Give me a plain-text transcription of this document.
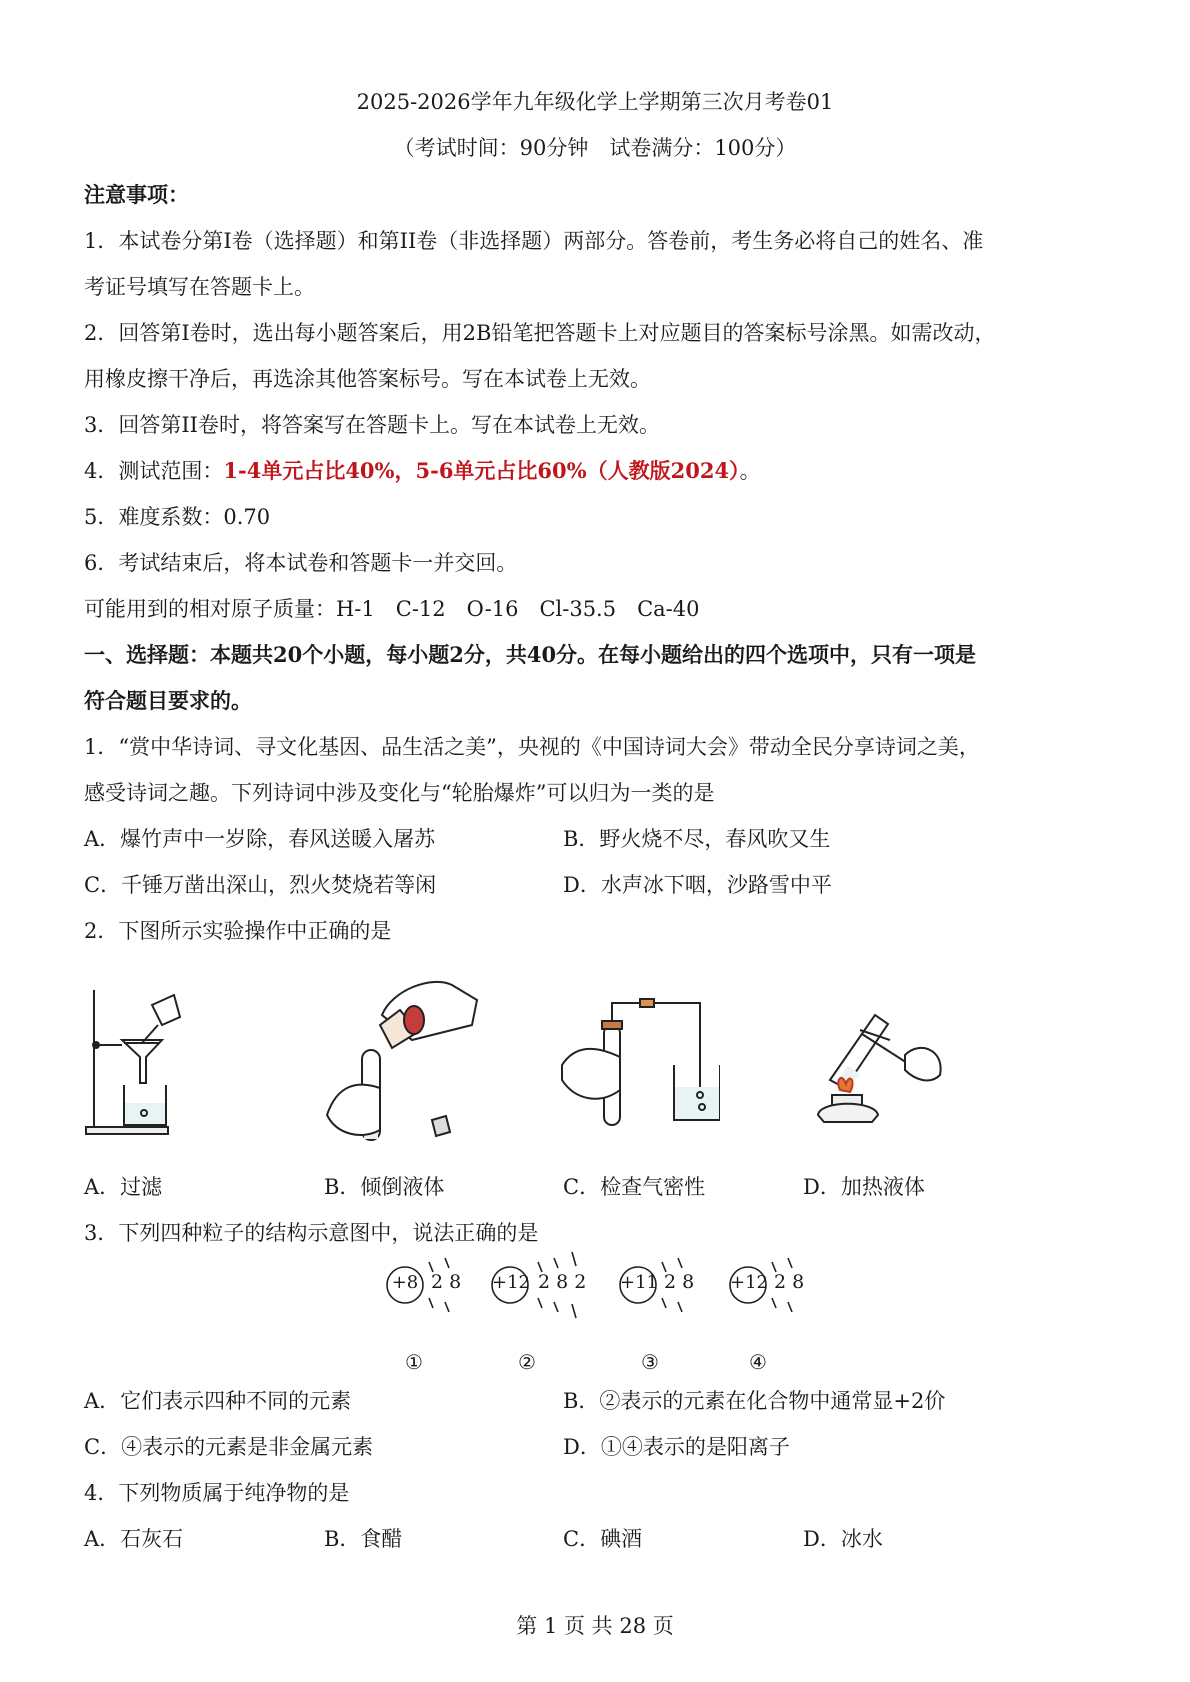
2025-2026学年九年级化学上学期第三次月考卷01
（考试时间：90分钟　试卷满分：100分）
注意事项：
1．本试卷分第I卷（选择题）和第II卷（非选择题）两部分。答卷前，考生务必将自己的姓名、准
考证号填写在答题卡上。
2．回答第I卷时，选出每小题答案后，用2B铅笔把答题卡上对应题目的答案标号涂黑。如需改动，
用橡皮擦干净后，再选涂其他答案标号。写在本试卷上无效。
3．回答第II卷时，将答案写在答题卡上。写在本试卷上无效。
4．测试范围：1-4单元占比40%，5-6单元占比60%（人教版2024）。
5．难度系数：0.70
6．考试结束后，将本试卷和答题卡一并交回。
可能用到的相对原子质量：H-1　C-12　O-16　Cl-35.5　Ca-40
一、选择题：本题共20个小题，每小题2分，共40分。在每小题给出的四个选项中，只有一项是
符合题目要求的。
1．“赏中华诗词、寻文化基因、品生活之美”，央视的《中国诗词大会》带动全民分享诗词之美，
感受诗词之趣。下列诗词中涉及变化与“轮胎爆炸”可以归为一类的是
A．爆竹声中一岁除，春风送暖入屠苏	B．野火烧不尽，春风吹又生
C．千锤万凿出深山，烈火焚烧若等闲	D．水声冰下咽，沙路雪中平
2．下图所示实验操作中正确的是
A．过滤	B．倾倒液体	C．检查气密性	D．加热液体
3．下列四种粒子的结构示意图中，说法正确的是
+8 2 8 +12 2 8 2 +11 2 8 +12 2 8
①	②	③	④
A．它们表示四种不同的元素	B．②表示的元素在化合物中通常显+2价
C．④表示的元素是非金属元素	D．①④表示的是阳离子
4．下列物质属于纯净物的是
A．石灰石	B．食醋	C．碘酒	D．冰水
第 1 页 共 28 页
